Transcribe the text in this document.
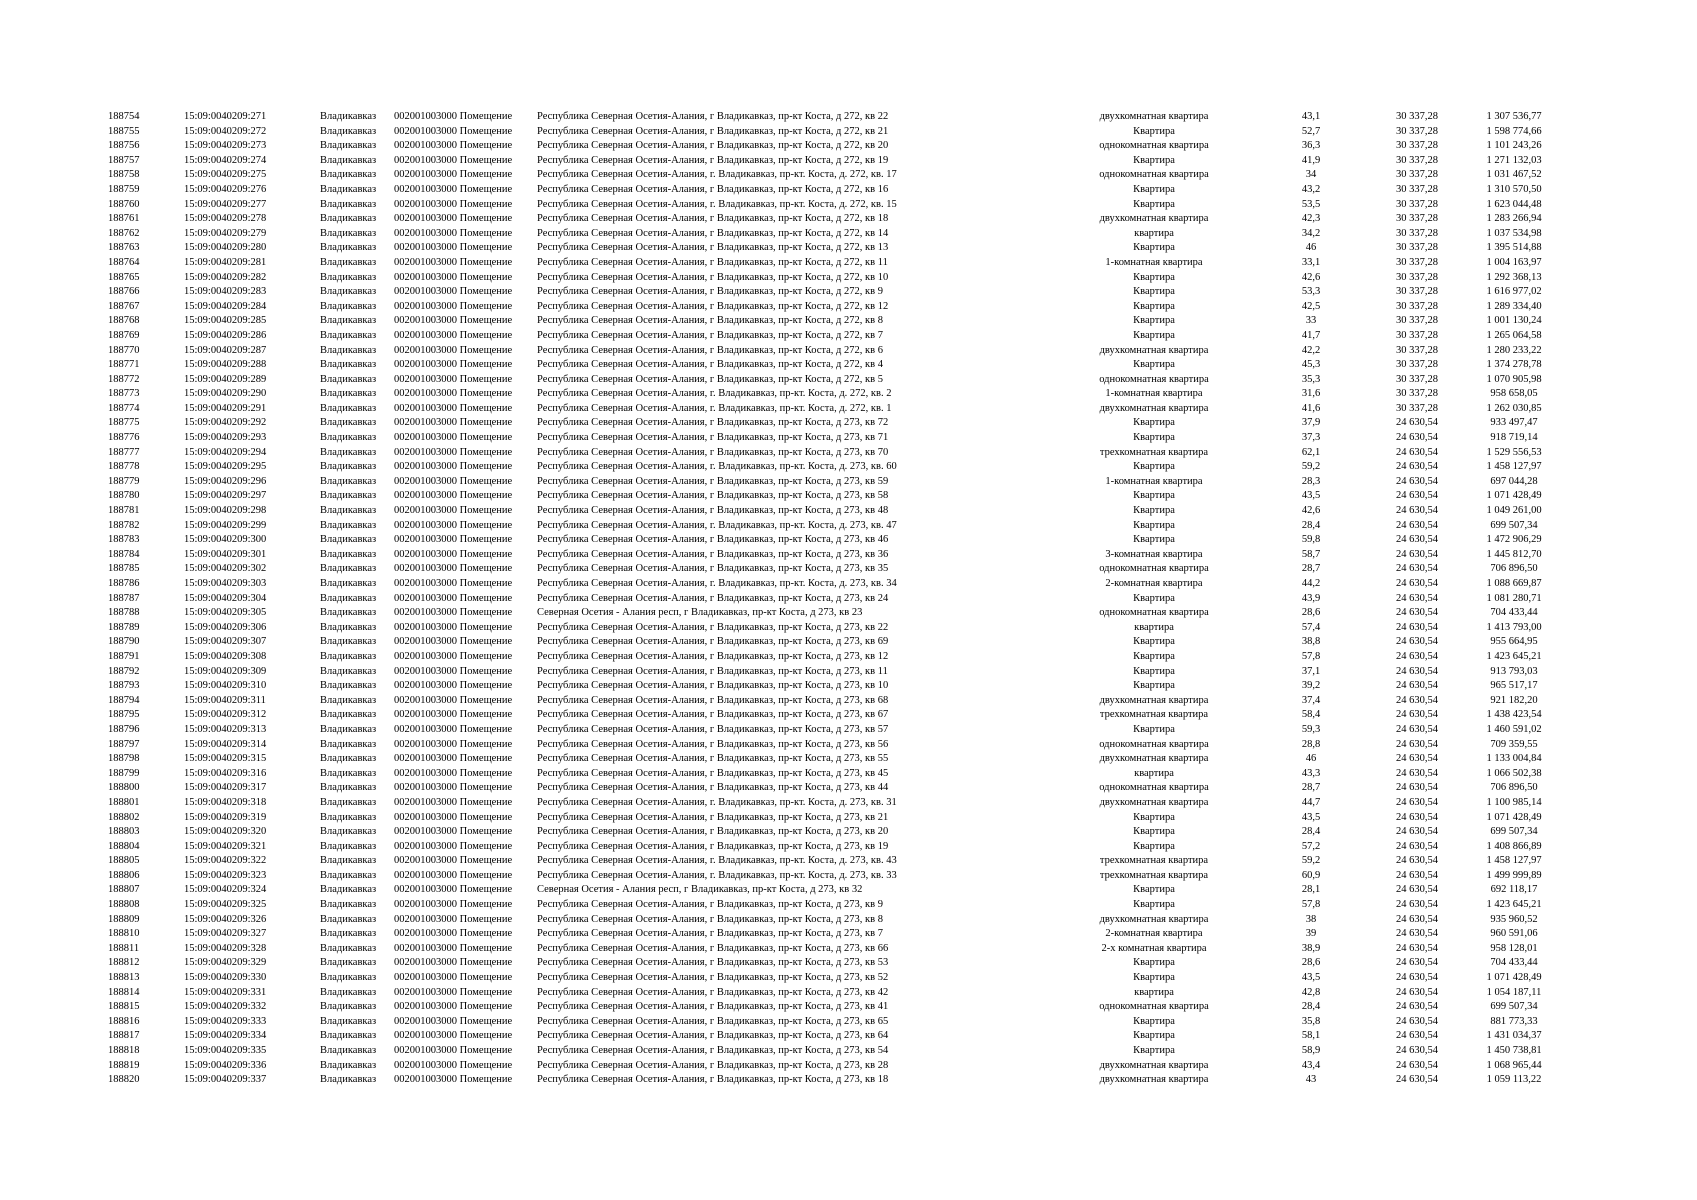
188754	15:09:0040209:271	Владикавказ	002001003000 Помещение	Республика Северная Осетия-Алания, г Владикавказ, пр-кт Коста, д 272, кв 22	двухкомнатная квартира	43,1	30 337,28	1 307 536,77
188755	15:09:0040209:272	Владикавказ	002001003000 Помещение	Республика Северная Осетия-Алания, г Владикавказ, пр-кт Коста, д 272, кв 21	Квартира	52,7	30 337,28	1 598 774,66
188756	15:09:0040209:273	Владикавказ	002001003000 Помещение	Республика Северная Осетия-Алания, г Владикавказ, пр-кт Коста, д 272, кв 20	однокомнатная квартира	36,3	30 337,28	1 101 243,26
188757	15:09:0040209:274	Владикавказ	002001003000 Помещение	Республика Северная Осетия-Алания, г Владикавказ, пр-кт Коста, д 272, кв 19	Квартира	41,9	30 337,28	1 271 132,03
188758	15:09:0040209:275	Владикавказ	002001003000 Помещение	Республика Северная Осетия-Алания, г. Владикавказ, пр-кт. Коста, д. 272, кв. 17	однокомнатная квартира	34	30 337,28	1 031 467,52
188759	15:09:0040209:276	Владикавказ	002001003000 Помещение	Республика Северная Осетия-Алания, г Владикавказ, пр-кт Коста, д 272, кв 16	Квартира	43,2	30 337,28	1 310 570,50
188760	15:09:0040209:277	Владикавказ	002001003000 Помещение	Республика Северная Осетия-Алания, г. Владикавказ, пр-кт. Коста, д. 272, кв. 15	Квартира	53,5	30 337,28	1 623 044,48
188761	15:09:0040209:278	Владикавказ	002001003000 Помещение	Республика Северная Осетия-Алания, г Владикавказ, пр-кт Коста, д 272, кв 18	двухкомнатная квартира	42,3	30 337,28	1 283 266,94
188762	15:09:0040209:279	Владикавказ	002001003000 Помещение	Республика Северная Осетия-Алания, г Владикавказ, пр-кт Коста, д 272, кв 14	квартира	34,2	30 337,28	1 037 534,98
188763	15:09:0040209:280	Владикавказ	002001003000 Помещение	Республика Северная Осетия-Алания, г Владикавказ, пр-кт Коста, д 272, кв 13	Квартира	46	30 337,28	1 395 514,88
188764	15:09:0040209:281	Владикавказ	002001003000 Помещение	Республика Северная Осетия-Алания, г Владикавказ, пр-кт Коста, д 272, кв 11	1-комнатная квартира	33,1	30 337,28	1 004 163,97
188765	15:09:0040209:282	Владикавказ	002001003000 Помещение	Республика Северная Осетия-Алания, г Владикавказ, пр-кт Коста, д 272, кв 10	Квартира	42,6	30 337,28	1 292 368,13
188766	15:09:0040209:283	Владикавказ	002001003000 Помещение	Республика Северная Осетия-Алания, г Владикавказ, пр-кт Коста, д 272, кв 9	Квартира	53,3	30 337,28	1 616 977,02
188767	15:09:0040209:284	Владикавказ	002001003000 Помещение	Республика Северная Осетия-Алания, г Владикавказ, пр-кт Коста, д 272, кв 12	Квартира	42,5	30 337,28	1 289 334,40
188768	15:09:0040209:285	Владикавказ	002001003000 Помещение	Республика Северная Осетия-Алания, г Владикавказ, пр-кт Коста, д 272, кв 8	Квартира	33	30 337,28	1 001 130,24
188769	15:09:0040209:286	Владикавказ	002001003000 Помещение	Республика Северная Осетия-Алания, г Владикавказ, пр-кт Коста, д 272, кв 7	Квартира	41,7	30 337,28	1 265 064,58
188770	15:09:0040209:287	Владикавказ	002001003000 Помещение	Республика Северная Осетия-Алания, г Владикавказ, пр-кт Коста, д 272, кв 6	двухкомнатная квартира	42,2	30 337,28	1 280 233,22
188771	15:09:0040209:288	Владикавказ	002001003000 Помещение	Республика Северная Осетия-Алания, г Владикавказ, пр-кт Коста, д 272, кв 4	Квартира	45,3	30 337,28	1 374 278,78
188772	15:09:0040209:289	Владикавказ	002001003000 Помещение	Республика Северная Осетия-Алания, г Владикавказ, пр-кт Коста, д 272, кв 5	однокомнатная квартира	35,3	30 337,28	1 070 905,98
188773	15:09:0040209:290	Владикавказ	002001003000 Помещение	Республика Северная Осетия-Алания, г. Владикавказ, пр-кт. Коста, д. 272, кв. 2	1-комнатная квартира	31,6	30 337,28	958 658,05
188774	15:09:0040209:291	Владикавказ	002001003000 Помещение	Республика Северная Осетия-Алания, г. Владикавказ, пр-кт. Коста, д. 272, кв. 1	двухкомнатная квартира	41,6	30 337,28	1 262 030,85
188775	15:09:0040209:292	Владикавказ	002001003000 Помещение	Республика Северная Осетия-Алания, г Владикавказ, пр-кт Коста, д 273, кв 72	Квартира	37,9	24 630,54	933 497,47
188776	15:09:0040209:293	Владикавказ	002001003000 Помещение	Республика Северная Осетия-Алания, г Владикавказ, пр-кт Коста, д 273, кв 71	Квартира	37,3	24 630,54	918 719,14
188777	15:09:0040209:294	Владикавказ	002001003000 Помещение	Республика Северная Осетия-Алания, г Владикавказ, пр-кт Коста, д 273, кв 70	трехкомнатная квартира	62,1	24 630,54	1 529 556,53
188778	15:09:0040209:295	Владикавказ	002001003000 Помещение	Республика Северная Осетия-Алания, г. Владикавказ, пр-кт. Коста, д. 273, кв. 60	Квартира	59,2	24 630,54	1 458 127,97
188779	15:09:0040209:296	Владикавказ	002001003000 Помещение	Республика Северная Осетия-Алания, г Владикавказ, пр-кт Коста, д 273, кв 59	1-комнатная квартира	28,3	24 630,54	697 044,28
188780	15:09:0040209:297	Владикавказ	002001003000 Помещение	Республика Северная Осетия-Алания, г Владикавказ, пр-кт Коста, д 273, кв 58	Квартира	43,5	24 630,54	1 071 428,49
188781	15:09:0040209:298	Владикавказ	002001003000 Помещение	Республика Северная Осетия-Алания, г Владикавказ, пр-кт Коста, д 273, кв 48	Квартира	42,6	24 630,54	1 049 261,00
188782	15:09:0040209:299	Владикавказ	002001003000 Помещение	Республика Северная Осетия-Алания, г. Владикавказ, пр-кт. Коста, д. 273, кв. 47	Квартира	28,4	24 630,54	699 507,34
188783	15:09:0040209:300	Владикавказ	002001003000 Помещение	Республика Северная Осетия-Алания, г Владикавказ, пр-кт Коста, д 273, кв 46	Квартира	59,8	24 630,54	1 472 906,29
188784	15:09:0040209:301	Владикавказ	002001003000 Помещение	Республика Северная Осетия-Алания, г Владикавказ, пр-кт Коста, д 273, кв 36	3-комнатная квартира	58,7	24 630,54	1 445 812,70
188785	15:09:0040209:302	Владикавказ	002001003000 Помещение	Республика Северная Осетия-Алания, г Владикавказ, пр-кт Коста, д 273, кв 35	однокомнатная квартира	28,7	24 630,54	706 896,50
188786	15:09:0040209:303	Владикавказ	002001003000 Помещение	Республика Северная Осетия-Алания, г. Владикавказ, пр-кт. Коста, д. 273, кв. 34	2-комнатная квартира	44,2	24 630,54	1 088 669,87
188787	15:09:0040209:304	Владикавказ	002001003000 Помещение	Республика Северная Осетия-Алания, г Владикавказ, пр-кт Коста, д 273, кв 24	Квартира	43,9	24 630,54	1 081 280,71
188788	15:09:0040209:305	Владикавказ	002001003000 Помещение	Северная Осетия - Алания респ, г Владикавказ, пр-кт Коста, д 273, кв 23	однокомнатная квартира	28,6	24 630,54	704 433,44
188789	15:09:0040209:306	Владикавказ	002001003000 Помещение	Республика Северная Осетия-Алания, г Владикавказ, пр-кт Коста, д 273, кв 22	квартира	57,4	24 630,54	1 413 793,00
188790	15:09:0040209:307	Владикавказ	002001003000 Помещение	Республика Северная Осетия-Алания, г Владикавказ, пр-кт Коста, д 273, кв 69	Квартира	38,8	24 630,54	955 664,95
188791	15:09:0040209:308	Владикавказ	002001003000 Помещение	Республика Северная Осетия-Алания, г Владикавказ, пр-кт Коста, д 273, кв 12	Квартира	57,8	24 630,54	1 423 645,21
188792	15:09:0040209:309	Владикавказ	002001003000 Помещение	Республика Северная Осетия-Алания, г Владикавказ, пр-кт Коста, д 273, кв 11	Квартира	37,1	24 630,54	913 793,03
188793	15:09:0040209:310	Владикавказ	002001003000 Помещение	Республика Северная Осетия-Алания, г Владикавказ, пр-кт Коста, д 273, кв 10	Квартира	39,2	24 630,54	965 517,17
188794	15:09:0040209:311	Владикавказ	002001003000 Помещение	Республика Северная Осетия-Алания, г Владикавказ, пр-кт Коста, д 273, кв 68	двухкомнатная квартира	37,4	24 630,54	921 182,20
188795	15:09:0040209:312	Владикавказ	002001003000 Помещение	Республика Северная Осетия-Алания, г Владикавказ, пр-кт Коста, д 273, кв 67	трехкомнатная квартира	58,4	24 630,54	1 438 423,54
188796	15:09:0040209:313	Владикавказ	002001003000 Помещение	Республика Северная Осетия-Алания, г Владикавказ, пр-кт Коста, д 273, кв 57	Квартира	59,3	24 630,54	1 460 591,02
188797	15:09:0040209:314	Владикавказ	002001003000 Помещение	Республика Северная Осетия-Алания, г Владикавказ, пр-кт Коста, д 273, кв 56	однокомнатная квартира	28,8	24 630,54	709 359,55
188798	15:09:0040209:315	Владикавказ	002001003000 Помещение	Республика Северная Осетия-Алания, г Владикавказ, пр-кт Коста, д 273, кв 55	двухкомнатная квартира	46	24 630,54	1 133 004,84
188799	15:09:0040209:316	Владикавказ	002001003000 Помещение	Республика Северная Осетия-Алания, г Владикавказ, пр-кт Коста, д 273, кв 45	квартира	43,3	24 630,54	1 066 502,38
188800	15:09:0040209:317	Владикавказ	002001003000 Помещение	Республика Северная Осетия-Алания, г Владикавказ, пр-кт Коста, д 273, кв 44	однокомнатная квартира	28,7	24 630,54	706 896,50
188801	15:09:0040209:318	Владикавказ	002001003000 Помещение	Республика Северная Осетия-Алания, г. Владикавказ, пр-кт. Коста, д. 273, кв. 31	двухкомнатная квартира	44,7	24 630,54	1 100 985,14
188802	15:09:0040209:319	Владикавказ	002001003000 Помещение	Республика Северная Осетия-Алания, г Владикавказ, пр-кт Коста, д 273, кв 21	Квартира	43,5	24 630,54	1 071 428,49
188803	15:09:0040209:320	Владикавказ	002001003000 Помещение	Республика Северная Осетия-Алания, г Владикавказ, пр-кт Коста, д 273, кв 20	Квартира	28,4	24 630,54	699 507,34
188804	15:09:0040209:321	Владикавказ	002001003000 Помещение	Республика Северная Осетия-Алания, г Владикавказ, пр-кт Коста, д 273, кв 19	Квартира	57,2	24 630,54	1 408 866,89
188805	15:09:0040209:322	Владикавказ	002001003000 Помещение	Республика Северная Осетия-Алания, г. Владикавказ, пр-кт. Коста, д. 273, кв. 43	трехкомнатная квартира	59,2	24 630,54	1 458 127,97
188806	15:09:0040209:323	Владикавказ	002001003000 Помещение	Республика Северная Осетия-Алания, г. Владикавказ, пр-кт. Коста, д. 273, кв. 33	трехкомнатная квартира	60,9	24 630,54	1 499 999,89
188807	15:09:0040209:324	Владикавказ	002001003000 Помещение	Северная Осетия - Алания респ, г Владикавказ, пр-кт Коста, д 273, кв 32	Квартира	28,1	24 630,54	692 118,17
188808	15:09:0040209:325	Владикавказ	002001003000 Помещение	Республика Северная Осетия-Алания, г Владикавказ, пр-кт Коста, д 273, кв 9	Квартира	57,8	24 630,54	1 423 645,21
188809	15:09:0040209:326	Владикавказ	002001003000 Помещение	Республика Северная Осетия-Алания, г Владикавказ, пр-кт Коста, д 273, кв 8	двухкомнатная квартира	38	24 630,54	935 960,52
188810	15:09:0040209:327	Владикавказ	002001003000 Помещение	Республика Северная Осетия-Алания, г Владикавказ, пр-кт Коста, д 273, кв 7	2-комнатная квартира	39	24 630,54	960 591,06
188811	15:09:0040209:328	Владикавказ	002001003000 Помещение	Республика Северная Осетия-Алания, г Владикавказ, пр-кт Коста, д 273, кв 66	2-х комнатная квартира	38,9	24 630,54	958 128,01
188812	15:09:0040209:329	Владикавказ	002001003000 Помещение	Республика Северная Осетия-Алания, г Владикавказ, пр-кт Коста, д 273, кв 53	Квартира	28,6	24 630,54	704 433,44
188813	15:09:0040209:330	Владикавказ	002001003000 Помещение	Республика Северная Осетия-Алания, г Владикавказ, пр-кт Коста, д 273, кв 52	Квартира	43,5	24 630,54	1 071 428,49
188814	15:09:0040209:331	Владикавказ	002001003000 Помещение	Республика Северная Осетия-Алания, г Владикавказ, пр-кт Коста, д 273, кв 42	квартира	42,8	24 630,54	1 054 187,11
188815	15:09:0040209:332	Владикавказ	002001003000 Помещение	Республика Северная Осетия-Алания, г Владикавказ, пр-кт Коста, д 273, кв 41	однокомнатная квартира	28,4	24 630,54	699 507,34
188816	15:09:0040209:333	Владикавказ	002001003000 Помещение	Республика Северная Осетия-Алания, г Владикавказ, пр-кт Коста, д 273, кв 65	Квартира	35,8	24 630,54	881 773,33
188817	15:09:0040209:334	Владикавказ	002001003000 Помещение	Республика Северная Осетия-Алания, г Владикавказ, пр-кт Коста, д 273, кв 64	Квартира	58,1	24 630,54	1 431 034,37
188818	15:09:0040209:335	Владикавказ	002001003000 Помещение	Республика Северная Осетия-Алания, г Владикавказ, пр-кт Коста, д 273, кв 54	Квартира	58,9	24 630,54	1 450 738,81
188819	15:09:0040209:336	Владикавказ	002001003000 Помещение	Республика Северная Осетия-Алания, г Владикавказ, пр-кт Коста, д 273, кв 28	двухкомнатная квартира	43,4	24 630,54	1 068 965,44
188820	15:09:0040209:337	Владикавказ	002001003000 Помещение	Республика Северная Осетия-Алания, г Владикавказ, пр-кт Коста, д 273, кв 18	двухкомнатная квартира	43	24 630,54	1 059 113,22
